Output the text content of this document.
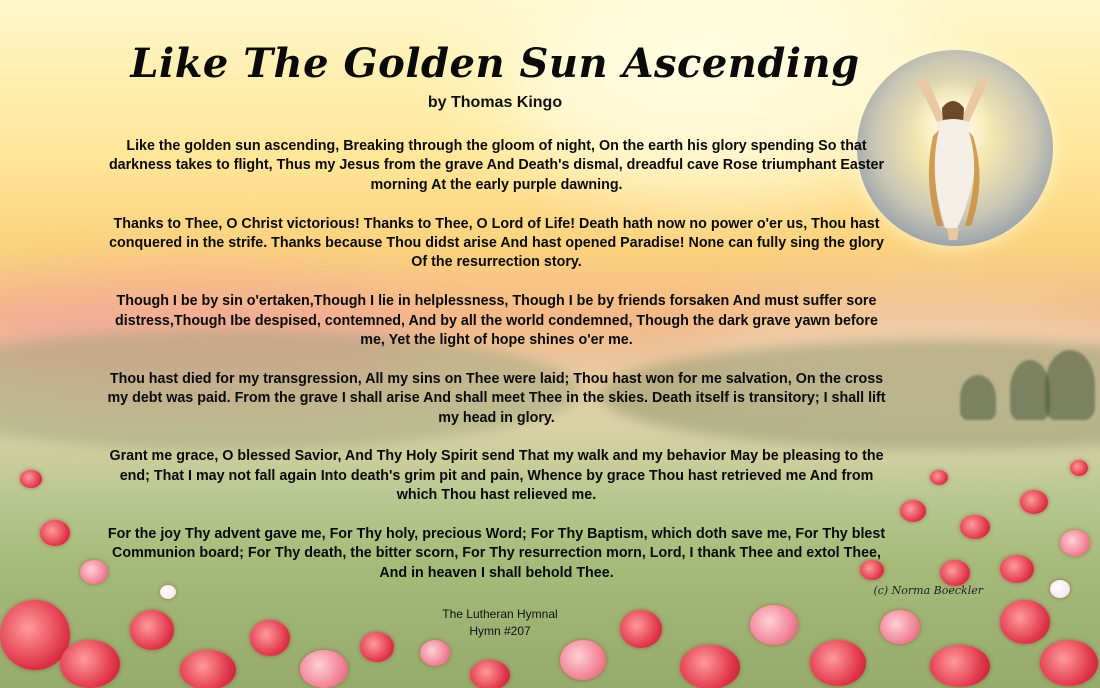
Like The Golden Sun Ascending
by Thomas Kingo

Like the golden sun ascending, Breaking through the gloom of night, On the earth his glory spending So that darkness takes to flight, Thus my Jesus from the grave And Death's dismal, dreadful cave Rose triumphant Easter morning At the early purple dawning.

Thanks to Thee, O Christ victorious! Thanks to Thee, O Lord of Life! Death hath now no power o'er us, Thou hast conquered in the strife. Thanks because Thou didst arise And hast opened Paradise! None can fully sing the glory Of the resurrection story.

Though I be by sin o'ertaken,Though I lie in helplessness, Though I be by friends forsaken And must suffer sore distress,Though Ibe despised, contemned, And by all the world condemned, Though the dark grave yawn before me, Yet the light of hope shines o'er me.

Thou hast died for my transgression, All my sins on Thee were laid; Thou hast won for me salvation, On the cross my debt was paid. From the grave I shall arise And shall meet Thee in the skies. Death itself is transitory; I shall lift my head in glory.

Grant me grace, O blessed Savior, And Thy Holy Spirit send That my walk and my behavior May be pleasing to the end; That I may not fall again Into death's grim pit and pain, Whence by grace Thou hast retrieved me And from which Thou hast relieved me.

For the joy Thy advent gave me, For Thy holy, precious Word; For Thy Baptism, which doth save me, For Thy blest Communion board; For Thy death, the bitter scorn, For Thy resurrection morn, Lord, I thank Thee and extol Thee, And in heaven I shall behold Thee.

(c) Norma Boeckler
The Lutheran Hymnal
Hymn #207
